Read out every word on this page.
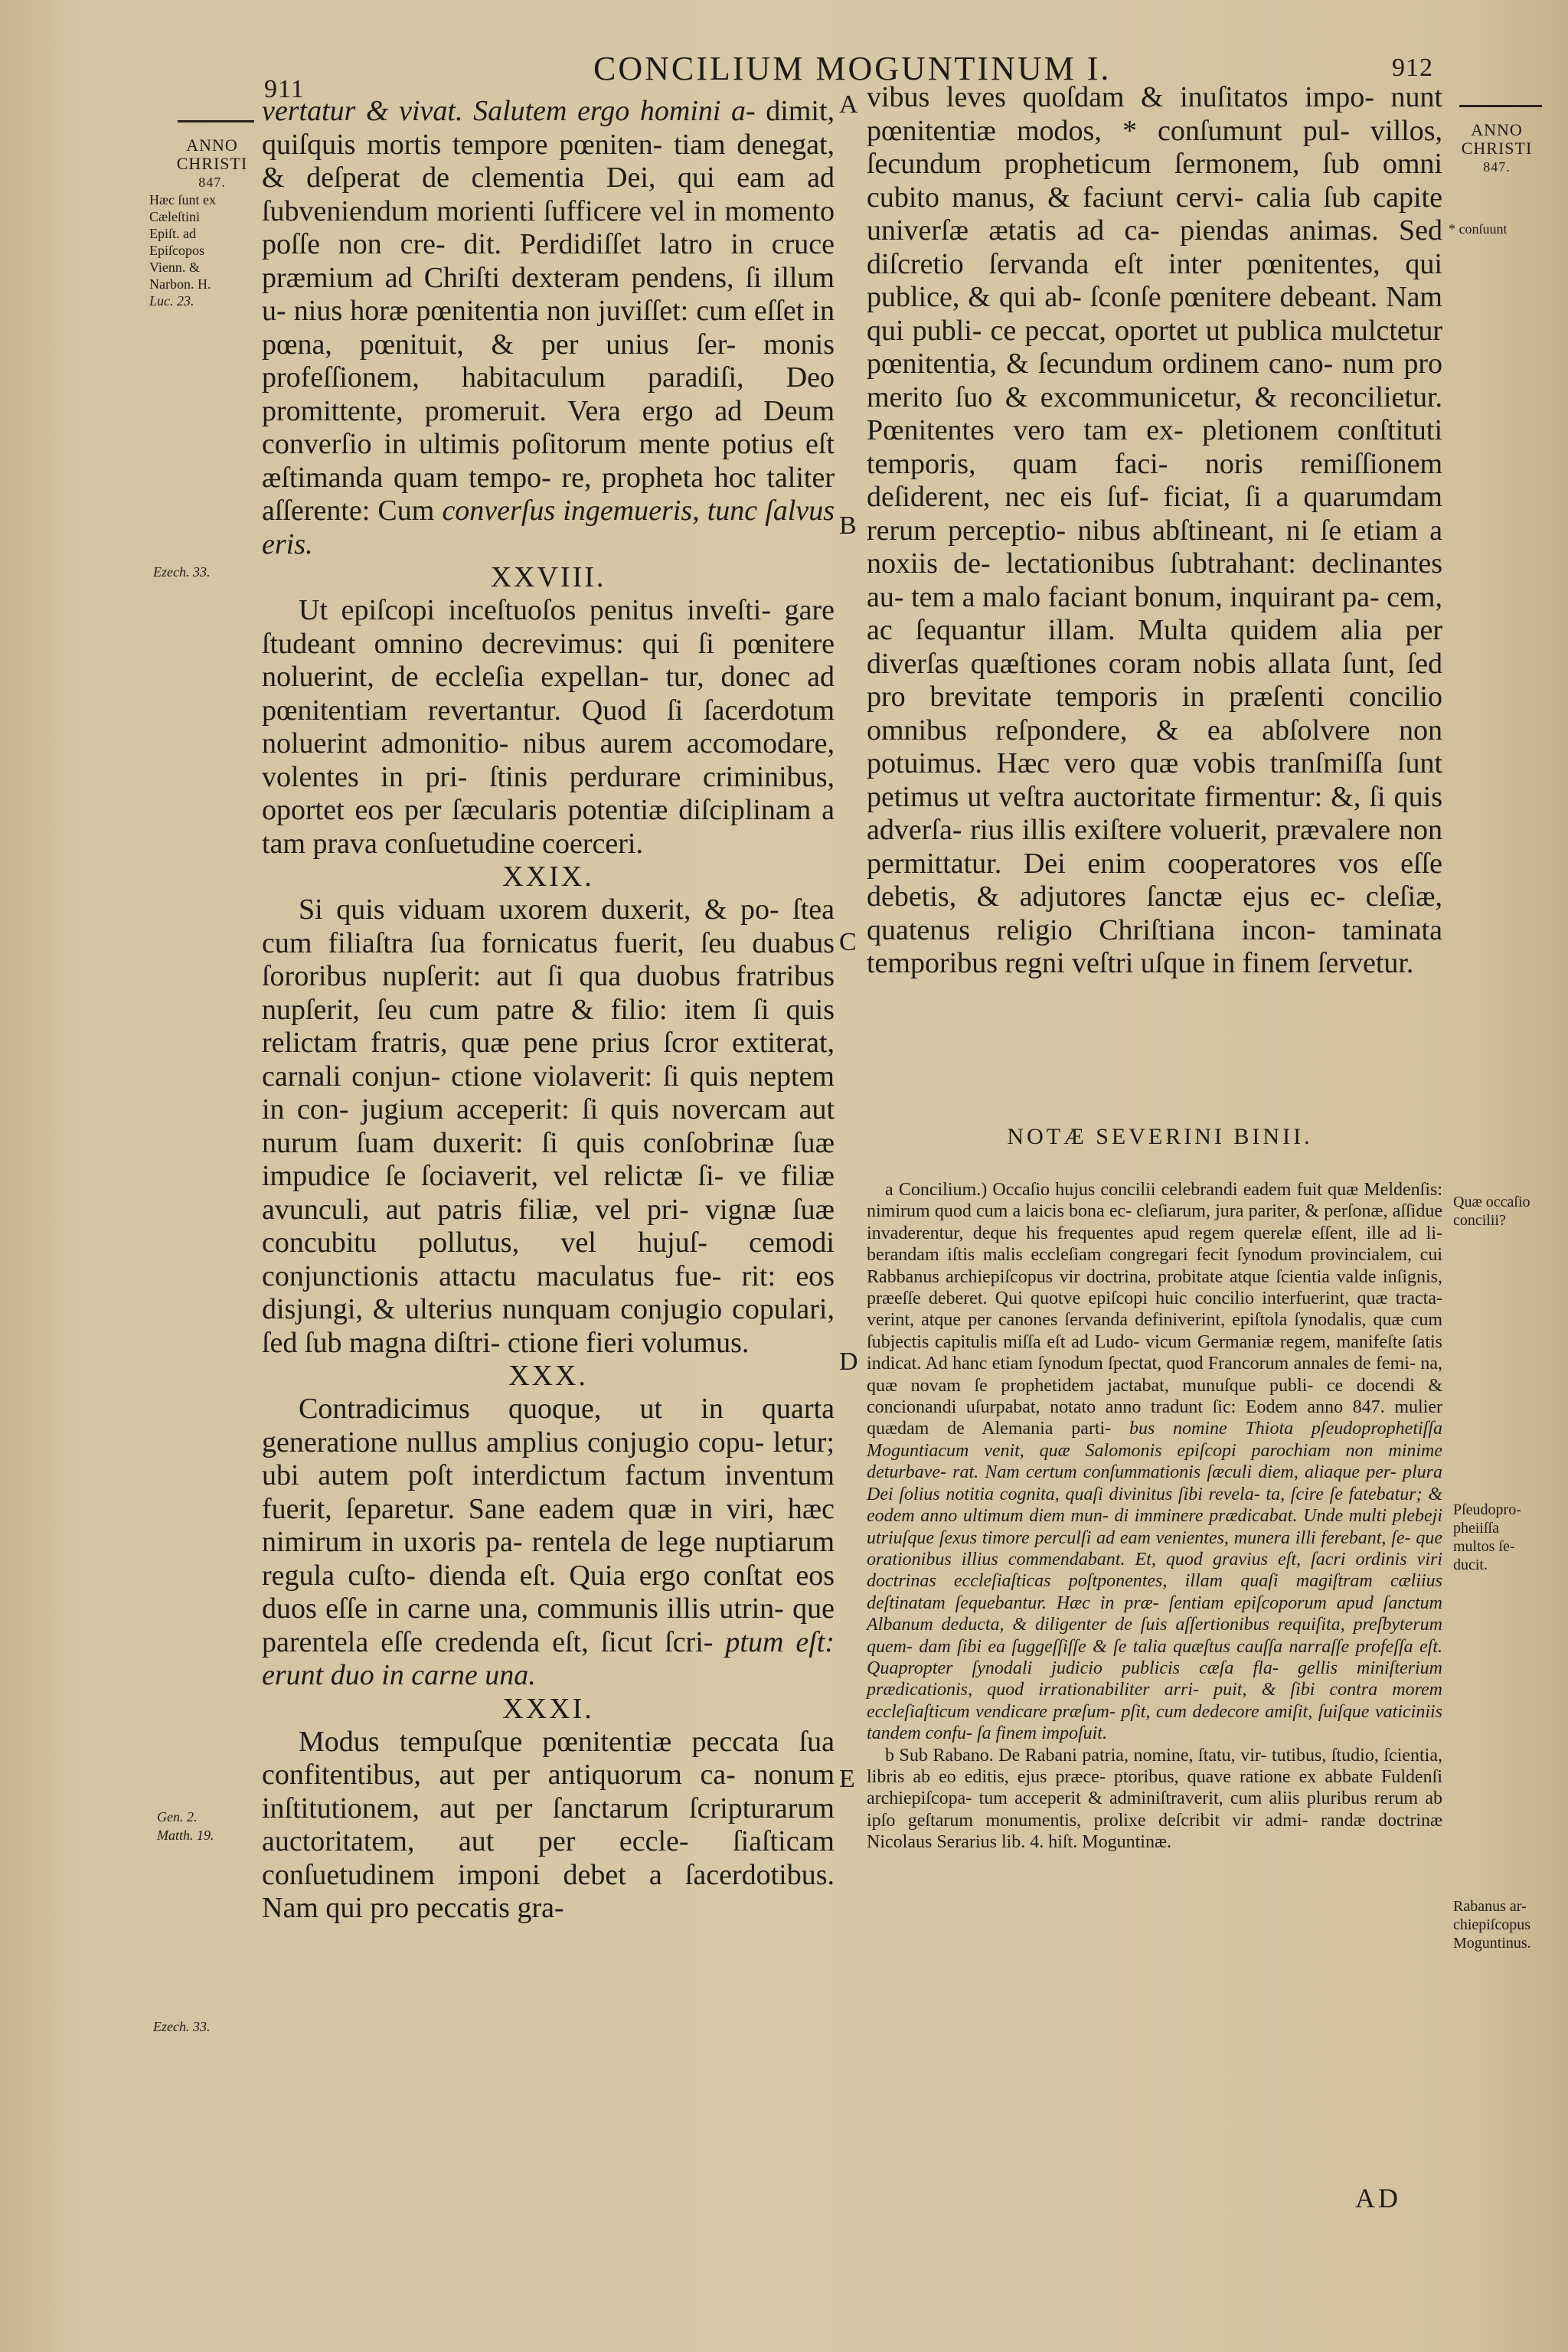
911
CONCILIUM MOGUNTINUM I.	912
ANNO
CHRISTI
847.
Hæc ſunt ex
Cæleſtini
Epiſt. ad
Epiſcopos
Vienn. &
Narbon. H.
Luc. 23.
Ezech. 33.
Gen. 2.
Matth. 19.
Ezech. 33.

vertatur & vivat. Salutem ergo homini a- dimit, quiſquis mortis tempore pœniten- tiam denegat, & deſperat de clementia Dei, qui eam ad ſubveniendum morienti ſufficere vel in momento poſſe non cre- dit. Perdidiſſet latro in cruce præmium ad Chriſti dexteram pendens, ſi illum u- nius horæ pœnitentia non juviſſet: cum eſſet in pœna, pœnituit, & per unius ſer- monis profeſſionem, habitaculum paradiſi, Deo promittente, promeruit. Vera ergo ad Deum converſio in ultimis poſitorum mente potius eſt æſtimanda quam tempo- re, propheta hoc taliter aſſerente: Cum converſus ingemueris, tunc ſalvus eris.

XXVIII.

Ut epiſcopi inceſtuoſos penitus inveſti- gare ſtudeant omnino decrevimus: qui ſi pœnitere noluerint, de eccleſia expellan- tur, donec ad pœnitentiam revertantur. Quod ſi ſacerdotum noluerint admonitio- nibus aurem accomodare, volentes in pri- ſtinis perdurare criminibus, oportet eos per ſæcularis potentiæ diſciplinam a tam prava conſuetudine coerceri.

XXIX.

Si quis viduam uxorem duxerit, & po- ſtea cum filiaſtra ſua fornicatus fuerit, ſeu duabus ſororibus nupſerit: aut ſi qua duobus fratribus nupſerit, ſeu cum patre & filio: item ſi quis relictam fratris, quæ pene prius ſcror extiterat, carnali conjun- ctione violaverit: ſi quis neptem in con- jugium acceperit: ſi quis novercam aut nurum ſuam duxerit: ſi quis conſobrinæ ſuæ impudice ſe ſociaverit, vel relictæ ſi- ve filiæ avunculi, aut patris filiæ, vel pri- vignæ ſuæ concubitu pollutus, vel hujuſ- cemodi conjunctionis attactu maculatus fue- rit: eos disjungi, & ulterius nunquam conjugio copulari, ſed ſub magna diſtri- ctione fieri volumus.

XXX.

Contradicimus quoque, ut in quarta generatione nullus amplius conjugio copu- letur; ubi autem poſt interdictum factum inventum fuerit, ſeparetur. Sane eadem quæ in viri, hæc nimirum in uxoris pa- rentela de lege nuptiarum regula cuſto- dienda eſt. Quia ergo conſtat eos duos eſſe in carne una, communis illis utrin- que parentela eſſe credenda eſt, ſicut ſcri- ptum eſt: erunt duo in carne una.

XXXI.

Modus tempuſque pœnitentiæ peccata ſua confitentibus, aut per antiquorum ca- nonum inſtitutionem, aut per ſanctarum ſcripturarum auctoritatem, aut per eccle- ſiaſticam conſuetudinem imponi debet a ſacerdotibus. Nam qui pro peccatis gra-

A
B
C
D
E

vibus leves quoſdam & inuſitatos impo- nunt pœnitentiæ modos, * conſumunt pul- villos, ſecundum propheticum ſermonem, ſub omni cubito manus, & faciunt cervi- calia ſub capite univerſæ ætatis ad ca- piendas animas. Sed diſcretio ſervanda eſt inter pœnitentes, qui publice, & qui ab- ſconſe pœnitere debeant. Nam qui publi- ce peccat, oportet ut publica mulctetur pœnitentia, & ſecundum ordinem cano- num pro merito ſuo & excommunicetur, & reconcilietur. Pœnitentes vero tam ex- pletionem conſtituti temporis, quam faci- noris remiſſionem deſiderent, nec eis ſuf- ficiat, ſi a quarumdam rerum perceptio- nibus abſtineant, ni ſe etiam a noxiis de- lectationibus ſubtrahant: declinantes au- tem a malo faciant bonum, inquirant pa- cem, ac ſequantur illam. Multa quidem alia per diverſas quæſtiones coram nobis allata ſunt, ſed pro brevitate temporis in præſenti concilio omnibus reſpondere, & ea abſolvere non potuimus. Hæc vero quæ vobis tranſmiſſa ſunt petimus ut veſtra auctoritate firmentur: &, ſi quis adverſa- rius illis exiſtere voluerit, prævalere non permittatur. Dei enim cooperatores vos eſſe debetis, & adjutores ſanctæ ejus ec- cleſiæ, quatenus religio Chriſtiana incon- taminata temporibus regni veſtri uſque in finem ſervetur.

ANNO
CHRISTI
847.
* conſuunt
NOTÆ SEVERINI BINII.

a Concilium.) Occaſio hujus concilii celebrandi eadem fuit quæ Meldenſis: nimirum quod cum a laicis bona ec- cleſiarum, jura pariter, & perſonæ, aſſidue invaderentur, deque his frequentes apud regem querelæ eſſent, ille ad li- berandam iſtis malis eccleſiam congregari fecit ſynodum provincialem, cui Rabbanus archiepiſcopus vir doctrina, probitate atque ſcientia valde inſignis, præeſſe deberet. Qui quotve epiſcopi huic concilio interfuerint, quæ tracta- verint, atque per canones ſervanda definiverint, epiſtola ſynodalis, quæ cum ſubjectis capitulis miſſa eſt ad Ludo- vicum Germaniæ regem, manifeſte ſatis indicat. Ad hanc etiam ſynodum ſpectat, quod Francorum annales de femi- na, quæ novam ſe prophetidem jactabat, munuſque publi- ce docendi & concionandi uſurpabat, notato anno tradunt ſic: Eodem anno 847. mulier quædam de Alemania parti- bus nomine Thiota pſeudoprophetiſſa Moguntiacum venit, quæ Salomonis epiſcopi parochiam non minime deturbave- rat. Nam certum conſummationis ſæculi diem, aliaque per- plura Dei ſolius notitia cognita, quaſi divinitus ſibi revela- ta, ſcire ſe fatebatur; & eodem anno ultimum diem mun- di imminere prædicabat. Unde multi plebeji utriuſque ſexus timore perculſi ad eam venientes, munera illi ferebant, ſe- que orationibus illius commendabant. Et, quod gravius eſt, ſacri ordinis viri doctrinas eccleſiaſticas poſtponentes, illam quaſi magiſtram cæliius deſtinatam ſequebantur. Hæc in præ- ſentiam epiſcoporum apud ſanctum Albanum deducta, & diligenter de ſuis aſſertionibus requiſita, preſbyterum quem- dam ſibi ea ſuggeſſiſſe & ſe talia quæſtus cauſſa narraſſe profeſſa eſt. Quapropter ſynodali judicio publicis cæſa fla- gellis miniſterium prædicationis, quod irrationabiliter arri- puit, & ſibi contra morem eccleſiaſticum vendicare præſum- pſit, cum dedecore amiſit, ſuiſque vaticiniis tandem confu- ſa finem impoſuit.

b Sub Rabano. De Rabani patria, nomine, ſtatu, vir- tutibus, ſtudio, ſcientia, libris ab eo editis, ejus præce- ptoribus, quave ratione ex abbate Fuldenſi archiepiſcopa- tum acceperit & adminiſtraverit, cum aliis pluribus rerum ab ipſo geſtarum monumentis, prolixe deſcribit vir admi- randæ doctrinæ Nicolaus Serarius lib. 4. hiſt. Moguntinæ.

Quæ occaſio
concilii?
Pſeudopro-
pheiiſſa
multos ſe-
ducit.
Rabanus ar-
chiepiſcopus
Moguntinus.
AD
